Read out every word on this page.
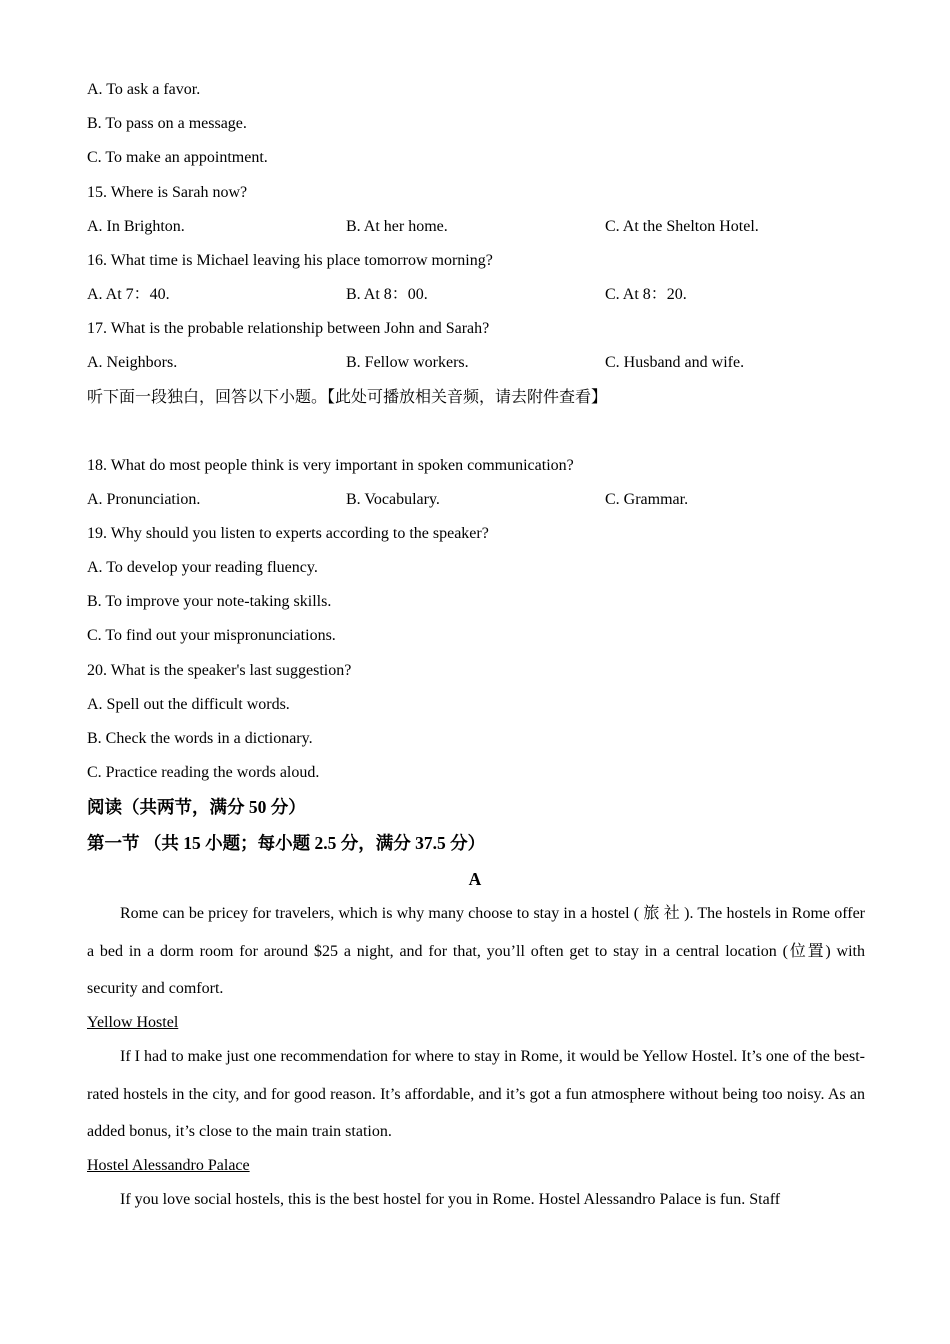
A. To ask a favor.
B. To pass on a message.
C. To make an appointment.
15. Where is Sarah now?
A. In Brighton.	B. At her home.	C. At the Shelton Hotel.
16. What time is Michael leaving his place tomorrow morning?
A. At 7：40.	B. At 8：00.	C. At 8：20.
17. What is the probable relationship between John and Sarah?
A. Neighbors.	B. Fellow workers.	C. Husband and wife.
听下面一段独白，回答以下小题。【此处可播放相关音频，请去附件查看】
18. What do most people think is very important in spoken communication?
A. Pronunciation.	B. Vocabulary.	C. Grammar.
19. Why should you listen to experts according to the speaker?
A. To develop your reading fluency.
B. To improve your note-taking skills.
C. To find out your mispronunciations.
20. What is the speaker's last suggestion?
A. Spell out the difficult words.
B. Check the words in a dictionary.
C. Practice reading the words aloud.
阅读（共两节，满分 50 分）
第一节 （共 15 小题；每小题 2.5 分，满分 37.5 分）
A

Rome can be pricey for travelers, which is why many choose to stay in a hostel ( 旅 社 ). The hostels in Rome offer a bed in a dorm room for around $25 a night, and for that, you’ll often get to stay in a central location (位置) with security and comfort.

Yellow Hostel

If I had to make just one recommendation for where to stay in Rome, it would be Yellow Hostel. It’s one of the best-rated hostels in the city, and for good reason. It’s affordable, and it’s got a fun atmosphere without being too noisy. As an added bonus, it’s close to the main train station.

Hostel Alessandro Palace

If you love social hostels, this is the best hostel for you in Rome. Hostel Alessandro Palace is fun. Staff
